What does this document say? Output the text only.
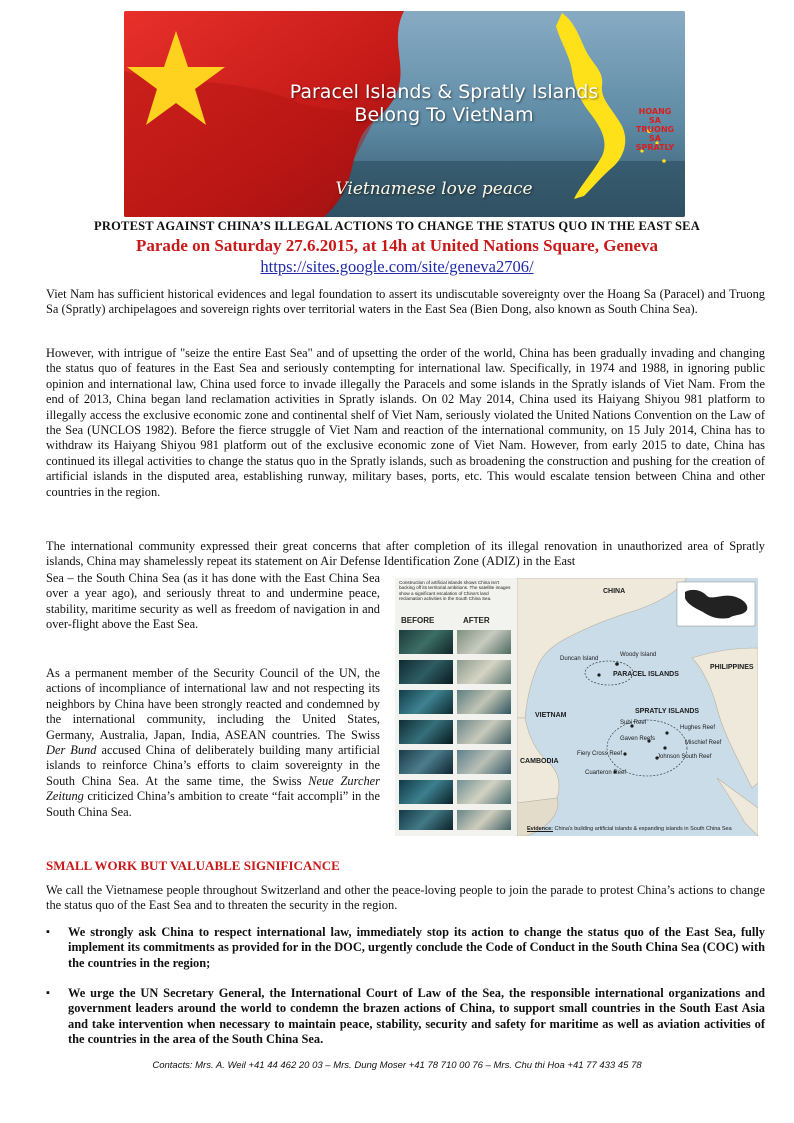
Paracel Islands & Spratly Islands
Belong To VietNam	HOANG SA
TRUONG SA
SPRATLY
Vietnamese love peace
PROTEST AGAINST CHINA’S ILLEGAL ACTIONS TO CHANGE THE STATUS QUO IN THE EAST SEA
Parade on Saturday 27.6.2015, at 14h at United Nations Square, Geneva
https://sites.google.com/site/geneva2706/

Viet Nam has sufficient historical evidences and legal foundation to assert its undiscutable sovereignty over the Hoang Sa (Paracel) and Truong Sa (Spratly) archipelagoes and sovereign rights over territorial waters in the East Sea (Bien Dong, also known as South China Sea).

However, with intrigue of "seize the entire East Sea" and of upsetting the order of the world, China has been gradually invading and changing the status quo of features in the East Sea and seriously contempting for international law. Specifically, in 1974 and 1988, in ignoring public opinion and international law, China used force to invade illegally the Paracels and some islands in the Spratly islands of Viet Nam. From the end of 2013, China began land reclamation activities in Spratly islands. On 02 May 2014, China used its Haiyang Shiyou 981 platform to illegally access the exclusive economic zone and continental shelf of Viet Nam, seriously violated the United Nations Convention on the Law of the Sea (UNCLOS 1982). Before the fierce struggle of Viet Nam and reaction of the international community, on 15 July 2014, China has to withdraw its Haiyang Shiyou 981 platform out of the exclusive economic zone of Viet Nam. However, from early 2015 to date, China has continued its illegal activities to change the status quo in the Spratly islands, such as broadening the construction and pushing for the creation of artificial islands in the disputed area, establishing runway, military bases, ports, etc. This would escalate tension between China and other countries in the region.

The international community expressed their great concerns that after completion of its illegal renovation in unauthorized area of Spratly islands, China may shamelessly repeat its statement on Air Defense Identification Zone (ADIZ) in the East

Sea – the South China Sea (as it has done with the East China Sea over a year ago), and seriously threat to and undermine peace, stability, maritime security as well as freedom of navigation in and over-flight above the East Sea.

As a permanent member of the Security Council of the UN, the actions of incompliance of international law and not respecting its neighbors by China have been strongly reacted and condemned by the international community, including the United States, Germany, Australia, Japan, India, ASEAN countries. The Swiss Der Bund accused China of deliberately building many artificial islands to reinforce China’s efforts to claim sovereignty in the South China Sea. At the same time, the Swiss Neue Zurcher Zeitung criticized China’s ambition to create “fait accompli” in the South China Sea.

Construction of artificial islands shows China isn't backing off its territorial ambitions. The satellite images show a significant escalation of China's land reclamation activities in the South China Sea.
BEFORE	AFTER
CHINA
PHILIPPINES
VIETNAM
CAMBODIA
Woody Island
Duncan Island
PARACEL ISLANDS
SPRATLY ISLANDS
Subi Reef
Hughes Reef
Gaven Reefs
Mischief Reef
Fiery Cross Reef	Johnson South Reef
Cuarteron Reef
Evidence: China's building artificial islands & expanding islands in South China Sea
SMALL WORK BUT VALUABLE SIGNIFICANCE

We call the Vietnamese people throughout Switzerland and other the peace-loving people to join the parade to protest China’s actions to change the status quo of the East Sea and to threaten the security in the region.

▪	We strongly ask China to respect international law, immediately stop its action to change the status quo of the East Sea, fully implement its commitments as provided for in the DOC, urgently conclude the Code of Conduct in the South China Sea (COC) with the countries in the region;
▪	We urge the UN Secretary General, the International Court of Law of the Sea, the responsible international organizations and government leaders around the world to condemn the brazen actions of China, to support small countries in the South East Asia and take intervention when necessary to maintain peace, stability, security and safety for maritime as well as aviation activities of the countries in the area of the South China Sea.
Contacts: Mrs. A. Weil +41 44 462 20 03 – Mrs. Dung Moser +41 78 710 00 76 – Mrs. Chu thi Hoa +41 77 433 45 78
